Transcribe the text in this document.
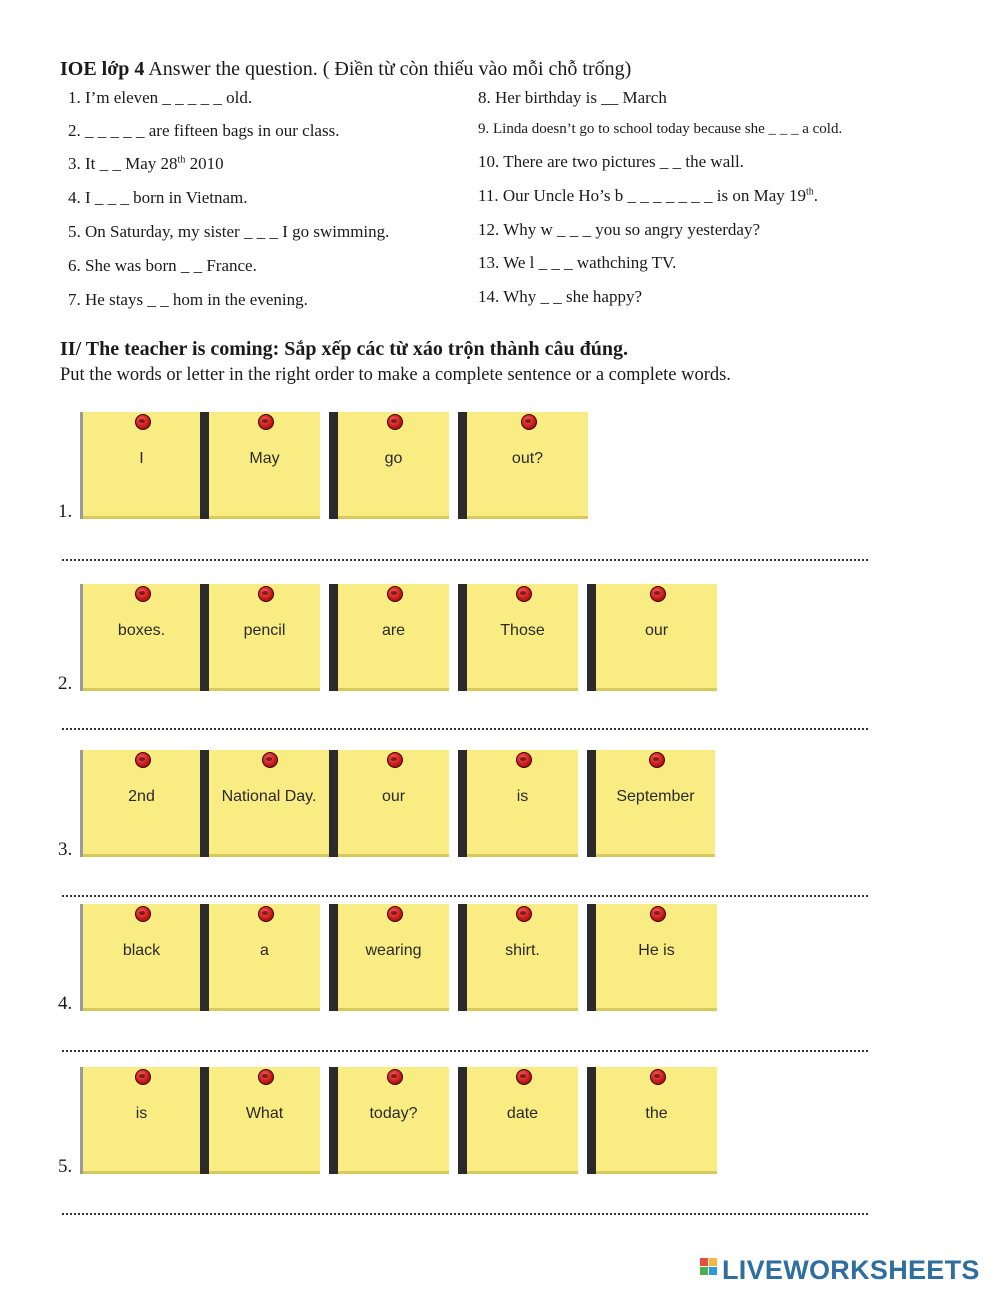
IOE lớp 4 Answer the question. ( Điền từ còn thiếu vào mỗi chỗ trống)
1. I’m eleven _ _ _ _ _ old.
2. _ _ _ _ _ are fifteen bags in our class.
3. It _ _ May 28th 2010
4. I _ _ _ born in Vietnam.
5. On Saturday, my sister _ _ _ I go swimming.
6. She was born _ _ France.
7. He stays _ _ hom in the evening.
8. Her birthday is __ March
9. Linda doesn’t go to school today because she _ _ _ a cold.
10. There are two pictures _ _ the wall.
11. Our Uncle Ho’s b _ _ _ _ _ _ _ is on May 19th.
12. Why w _ _ _ you so angry yesterday?
13. We l _ _ _ wathching TV.
14. Why _ _ she happy?
II/ The teacher is coming: Sắp xếp các từ xáo trộn thành câu đúng.
Put the words or letter in the right order to make a complete sentence or a complete words.
I	May	go	out?
1.
boxes.	pencil	are	Those	our
2.
2nd	National Day.	our	is	September
3.
black	a	wearing	shirt.	He is
4.
is	What	today?	date	the
5.
LIVEWORKSHEETS
